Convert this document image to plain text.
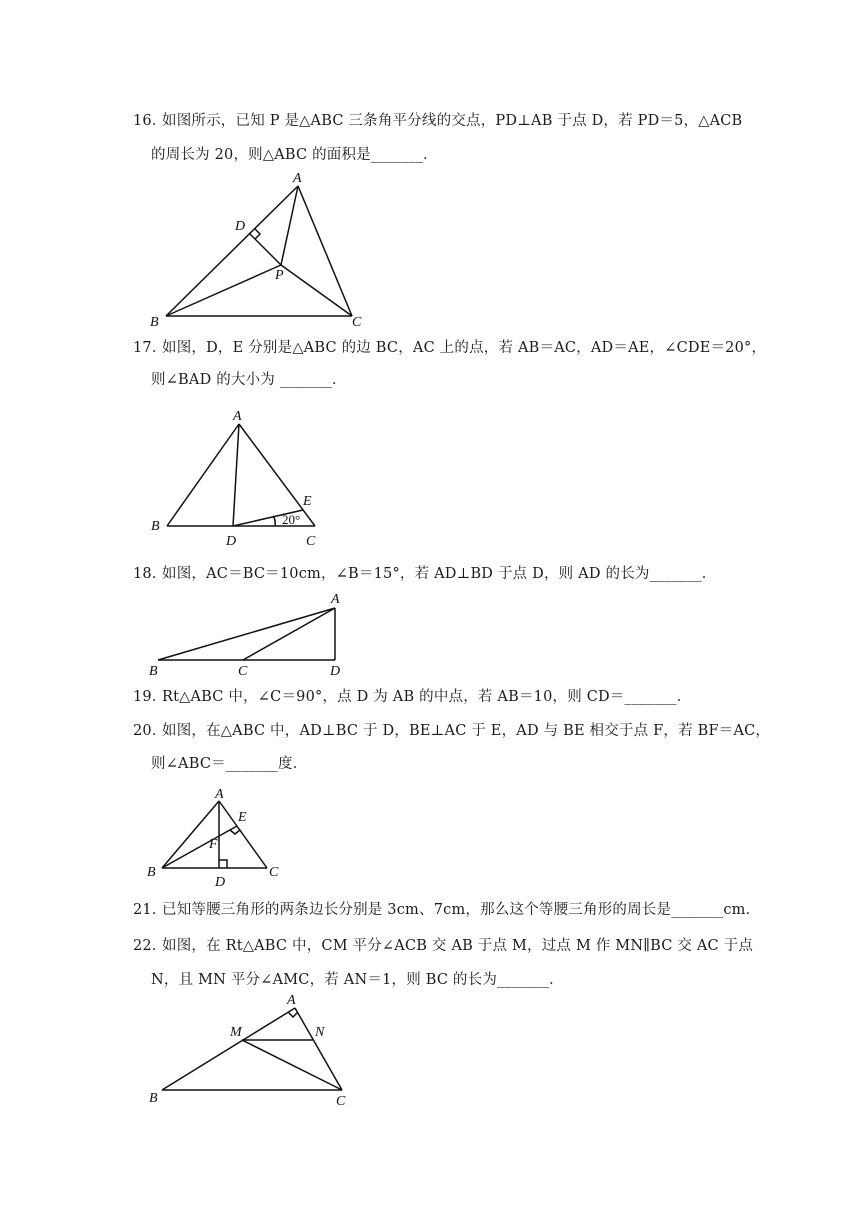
16．
如图所示，已知 P 是△ABC 三条角平分线的交点，PD⊥AB 于点 D，若 PD＝5，△ACB
的周长为 20，则△ABC 的面积是_______．
A
B	C
D
P
17．
如图，D，E 分别是△ABC 的边 BC，AC 上的点，若 AB＝AC，AD＝AE，∠CDE＝20°，
则∠BAD 的大小为 _______．
A
B
C
D
E
20°
18．
如图，AC＝BC＝10cm，∠B＝15°，若 AD⊥BD 于点 D，则 AD 的长为_______．
A
B	C	D
19．
Rt△ABC 中，∠C＝90°，点 D 为 AB 的中点，若 AB＝10，则 CD＝_______．
20．
如图，在△ABC 中，AD⊥BC 于 D，BE⊥AC 于 E，AD 与 BE 相交于点 F，若 BF＝AC，
则∠ABC＝_______度．
A
B	C
D
E
F
21．
已知等腰三角形的两条边长分别是 3cm、7cm，那么这个等腰三角形的周长是_______cm．
22．
如图，在 Rt△ABC 中，CM 平分∠ACB 交 AB 于点 M，过点 M 作 MN∥BC 交 AC 于点
N，且 MN 平分∠AMC，若 AN＝1，则 BC 的长为_______．
A
B	C
M	N
